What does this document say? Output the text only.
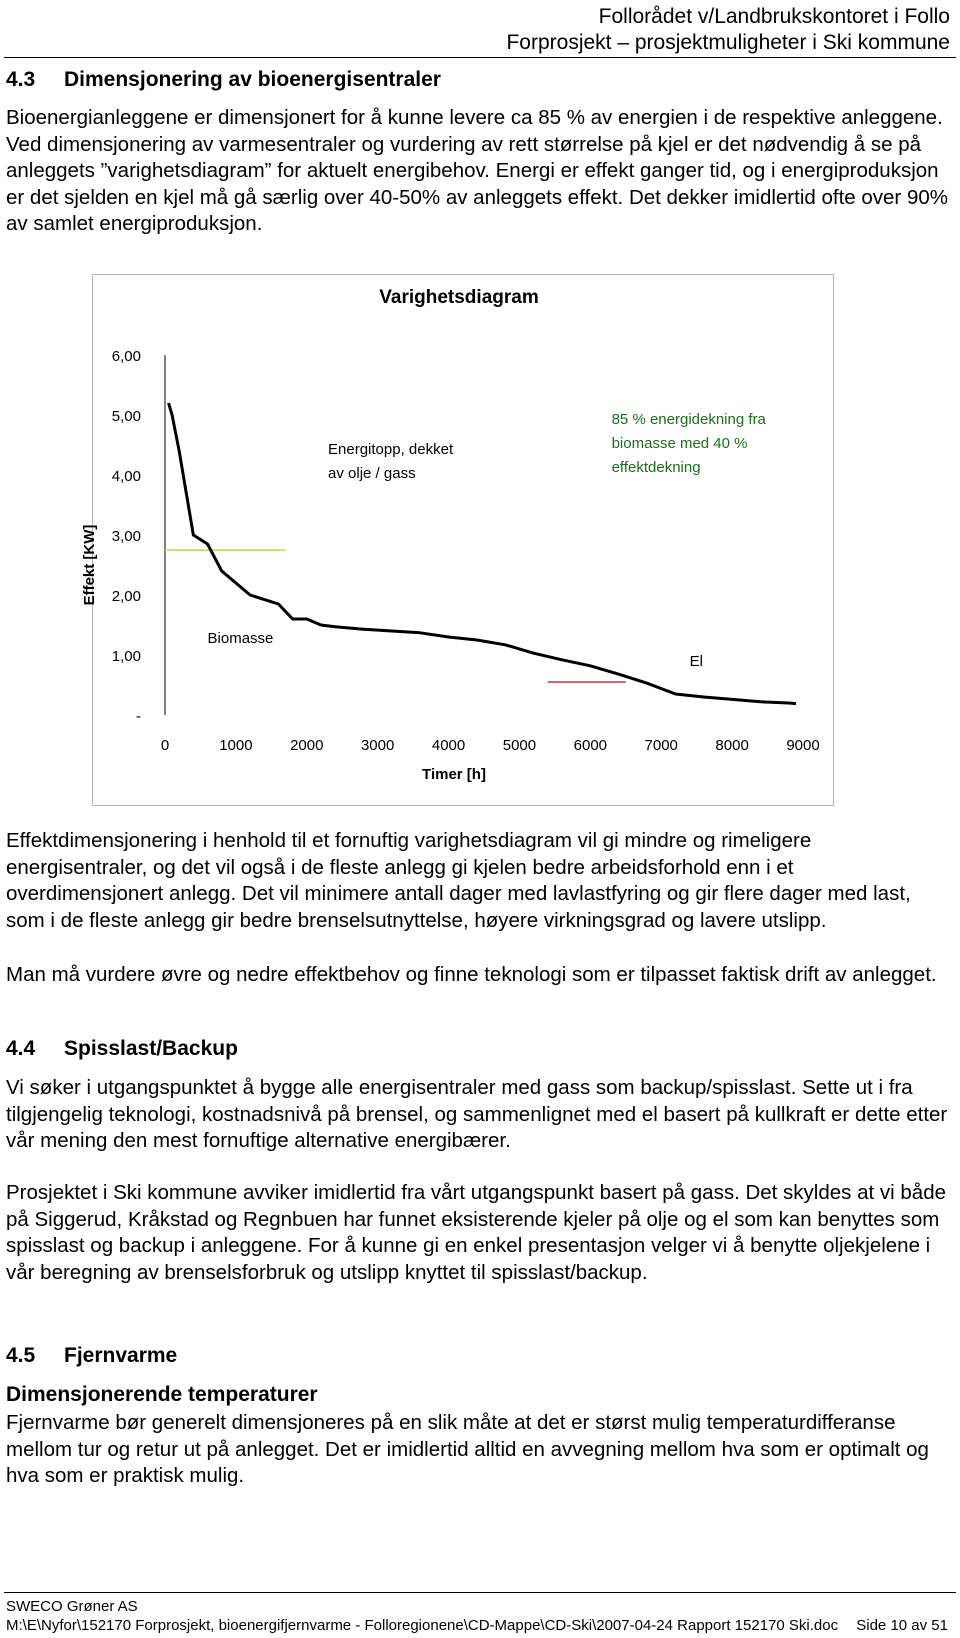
Follorådet v/Landbrukskontoret i Follo
Forprosjekt – prosjektmuligheter i Ski kommune
4.3 Dimensjonering av bioenergisentraler
Bioenergianleggene er dimensjonert for å kunne levere ca 85 % av energien i de respektive anleggene. Ved dimensjonering av varmesentraler og vurdering av rett størrelse på kjel er det nødvendig å se på anleggets ”varighetsdiagram” for aktuelt energibehov. Energi er effekt ganger tid, og i energiproduksjon er det sjelden en kjel må gå særlig over 40-50% av anleggets effekt. Det dekker imidlertid ofte over 90% av samlet energiproduksjon.
Varighetsdiagram
-
1,00
2,00
3,00
4,00
5,00
6,00
0	1000	2000	3000	4000	5000	6000	7000	8000	9000
Timer [h]
Effekt [KW]
Energitopp, dekket
av olje / gass
85 % energidekning fra
biomasse med 40 %
effektdekning
Biomasse
El
Effektdimensjonering i henhold til et fornuftig varighetsdiagram vil gi mindre og rimeligere energisentraler, og det vil også i de fleste anlegg gi kjelen bedre arbeidsforhold enn i et overdimensjonert anlegg. Det vil minimere antall dager med lavlastfyring og gir flere dager med last, som i de fleste anlegg gir bedre brenselsutnyttelse, høyere virkningsgrad og lavere utslipp.
Man må vurdere øvre og nedre effektbehov og finne teknologi som er tilpasset faktisk drift av anlegget.
4.4 Spisslast/Backup
Vi søker i utgangspunktet å bygge alle energisentraler med gass som backup/spisslast. Sette ut i fra tilgjengelig teknologi, kostnadsnivå på brensel, og sammenlignet med el basert på kullkraft er dette etter vår mening den mest fornuftige alternative energibærer.
Prosjektet i Ski kommune avviker imidlertid fra vårt utgangspunkt basert på gass. Det skyldes at vi både på Siggerud, Kråkstad og Regnbuen har funnet eksisterende kjeler på olje og el som kan benyttes som spisslast og backup i anleggene. For å kunne gi en enkel presentasjon velger vi å benytte oljekjelene i vår beregning av brenselsforbruk og utslipp knyttet til spisslast/backup.
4.5 Fjernvarme
Dimensjonerende temperaturer
Fjernvarme bør generelt dimensjoneres på en slik måte at det er størst mulig temperaturdifferanse mellom tur og retur ut på anlegget. Det er imidlertid alltid en avvegning mellom hva som er optimalt og hva som er praktisk mulig.
SWECO Grøner AS
M:\E\Nyfor\152170 Forprosjekt, bioenergifjernvarme - Folloregionene\CD-Mappe\CD-Ski\2007-04-24 Rapport 152170 Ski.doc Side 10 av 51
